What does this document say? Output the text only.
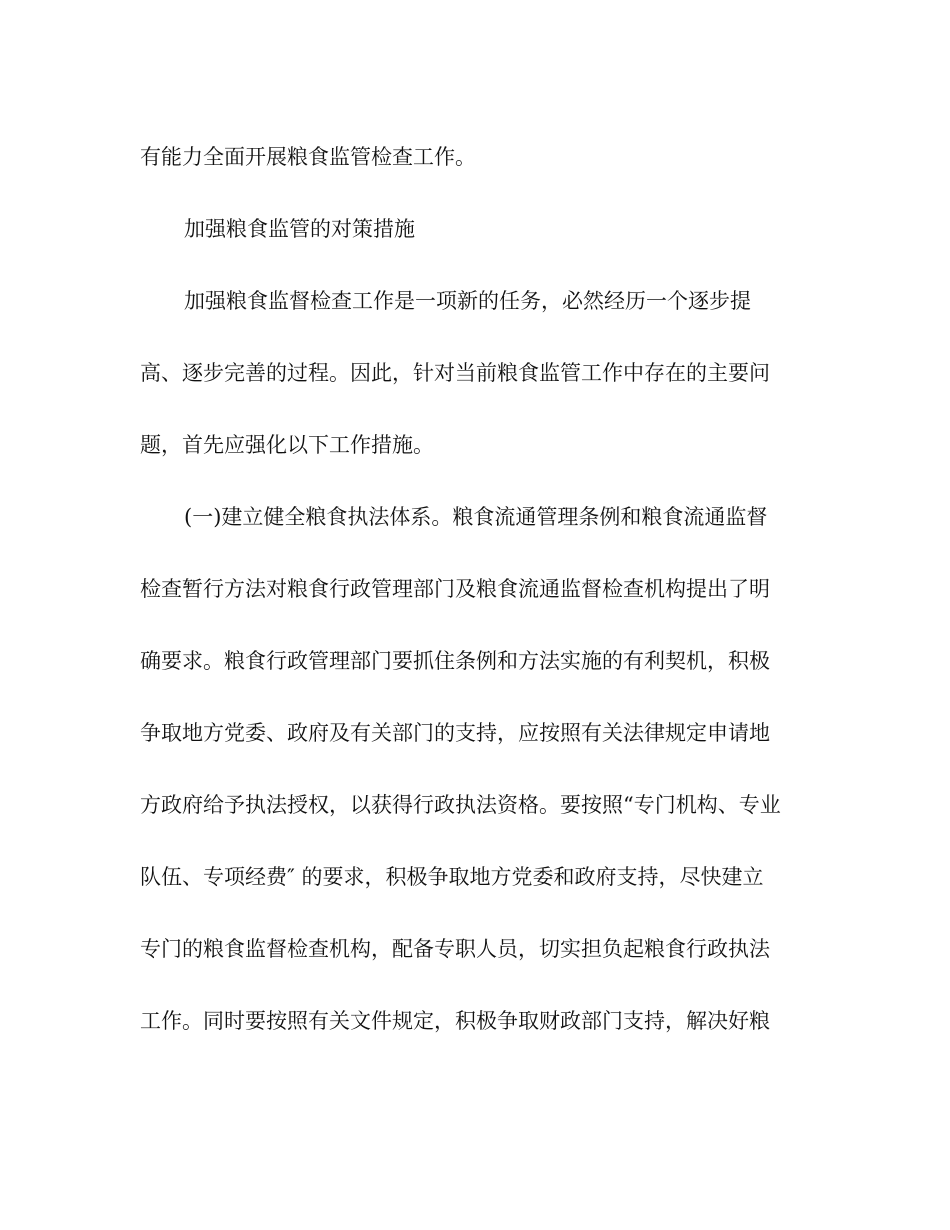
有能力全面开展粮食监管检查工作。

加强粮食监管的对策措施

加强粮食监督检查工作是一项新的任务，必然经历一个逐步提

高、逐步完善的过程。因此，针对当前粮食监管工作中存在的主要问

题，首先应强化以下工作措施。

(一)建立健全粮食执法体系。粮食流通管理条例和粮食流通监督

检查暂行方法对粮食行政管理部门及粮食流通监督检查机构提出了明

确要求。粮食行政管理部门要抓住条例和方法实施的有利契机，积极

争取地方党委、政府及有关部门的支持，应按照有关法律规定申请地

方政府给予执法授权，以获得行政执法资格。要按照“专门机构、专业

队伍、专项经费″ 的要求，积极争取地方党委和政府支持，尽快建立

专门的粮食监督检查机构，配备专职人员，切实担负起粮食行政执法

工作。同时要按照有关文件规定，积极争取财政部门支持，解决好粮
